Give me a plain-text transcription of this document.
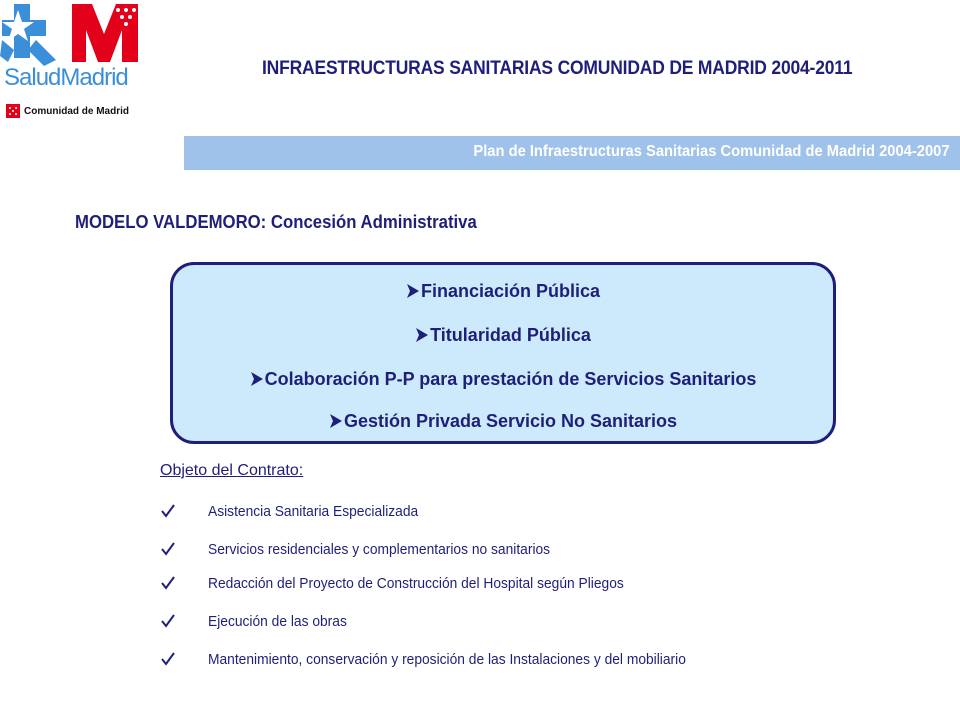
SaludMadrid
Comunidad de Madrid
INFRAESTRUCTURAS SANITARIAS COMUNIDAD DE MADRID 2004-2011
Plan de Infraestructuras Sanitarias Comunidad de Madrid 2004-2007
MODELO VALDEMORO: Concesión Administrativa
Financiación Pública
Titularidad Pública
Colaboración P-P para prestación de Servicios Sanitarios
Gestión Privada Servicio No Sanitarios
Objeto del Contrato:
Asistencia Sanitaria Especializada
Servicios residenciales y complementarios no sanitarios
Redacción del Proyecto de Construcción del Hospital según Pliegos
Ejecución de las obras
Mantenimiento, conservación y reposición de las Instalaciones y del mobiliario
